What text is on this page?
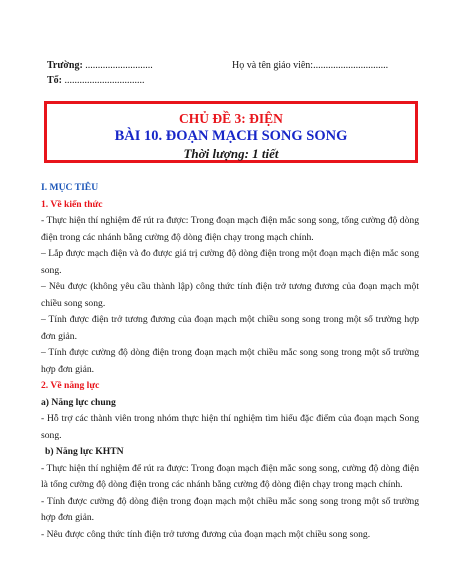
Trường: ...........................	Họ và tên giáo viên:..............................
Tổ: ................................
CHỦ ĐỀ 3: ĐIỆN
BÀI 10. ĐOẠN MẠCH SONG SONG
Thời lượng: 1 tiết

I. MỤC TIÊU

1. Về kiến thức

- Thực hiện thí nghiệm để rút ra được: Trong đoạn mạch điện mắc song song, tổng cường độ dòng điện trong các nhánh bằng cường độ dòng điện chạy trong mạch chính.

– Lắp được mạch điện và đo được giá trị cường độ dòng điện trong một đoạn mạch điện mắc song song.

– Nêu được (không yêu cầu thành lập) công thức tính điện trở tương đương của đoạn mạch một chiều song song.

– Tính được điện trở tương đương của đoạn mạch một chiều song song trong một số trường hợp đơn giản.

– Tính được cường độ dòng điện trong đoạn mạch một chiều mắc song song trong một số trường hợp đơn giản.

2. Về năng lực

a) Năng lực chung

- Hỗ trợ các thành viên trong nhóm thực hiện thí nghiệm tìm hiểu đặc điểm của đoạn mạch Song song.

b) Năng lực KHTN

- Thực hiện thí nghiệm để rút ra được: Trong đoạn mạch điện mắc song song, cường độ dòng điện là tổng cường độ dòng điện trong các nhánh bằng cường độ dòng điện chạy trong mạch chính.

- Tính được cường độ dòng điện trong đoạn mạch một chiều mắc song song trong một số trường hợp đơn giản.

- Nêu được công thức tính điện trở tương đương của đoạn mạch một chiều song song.
